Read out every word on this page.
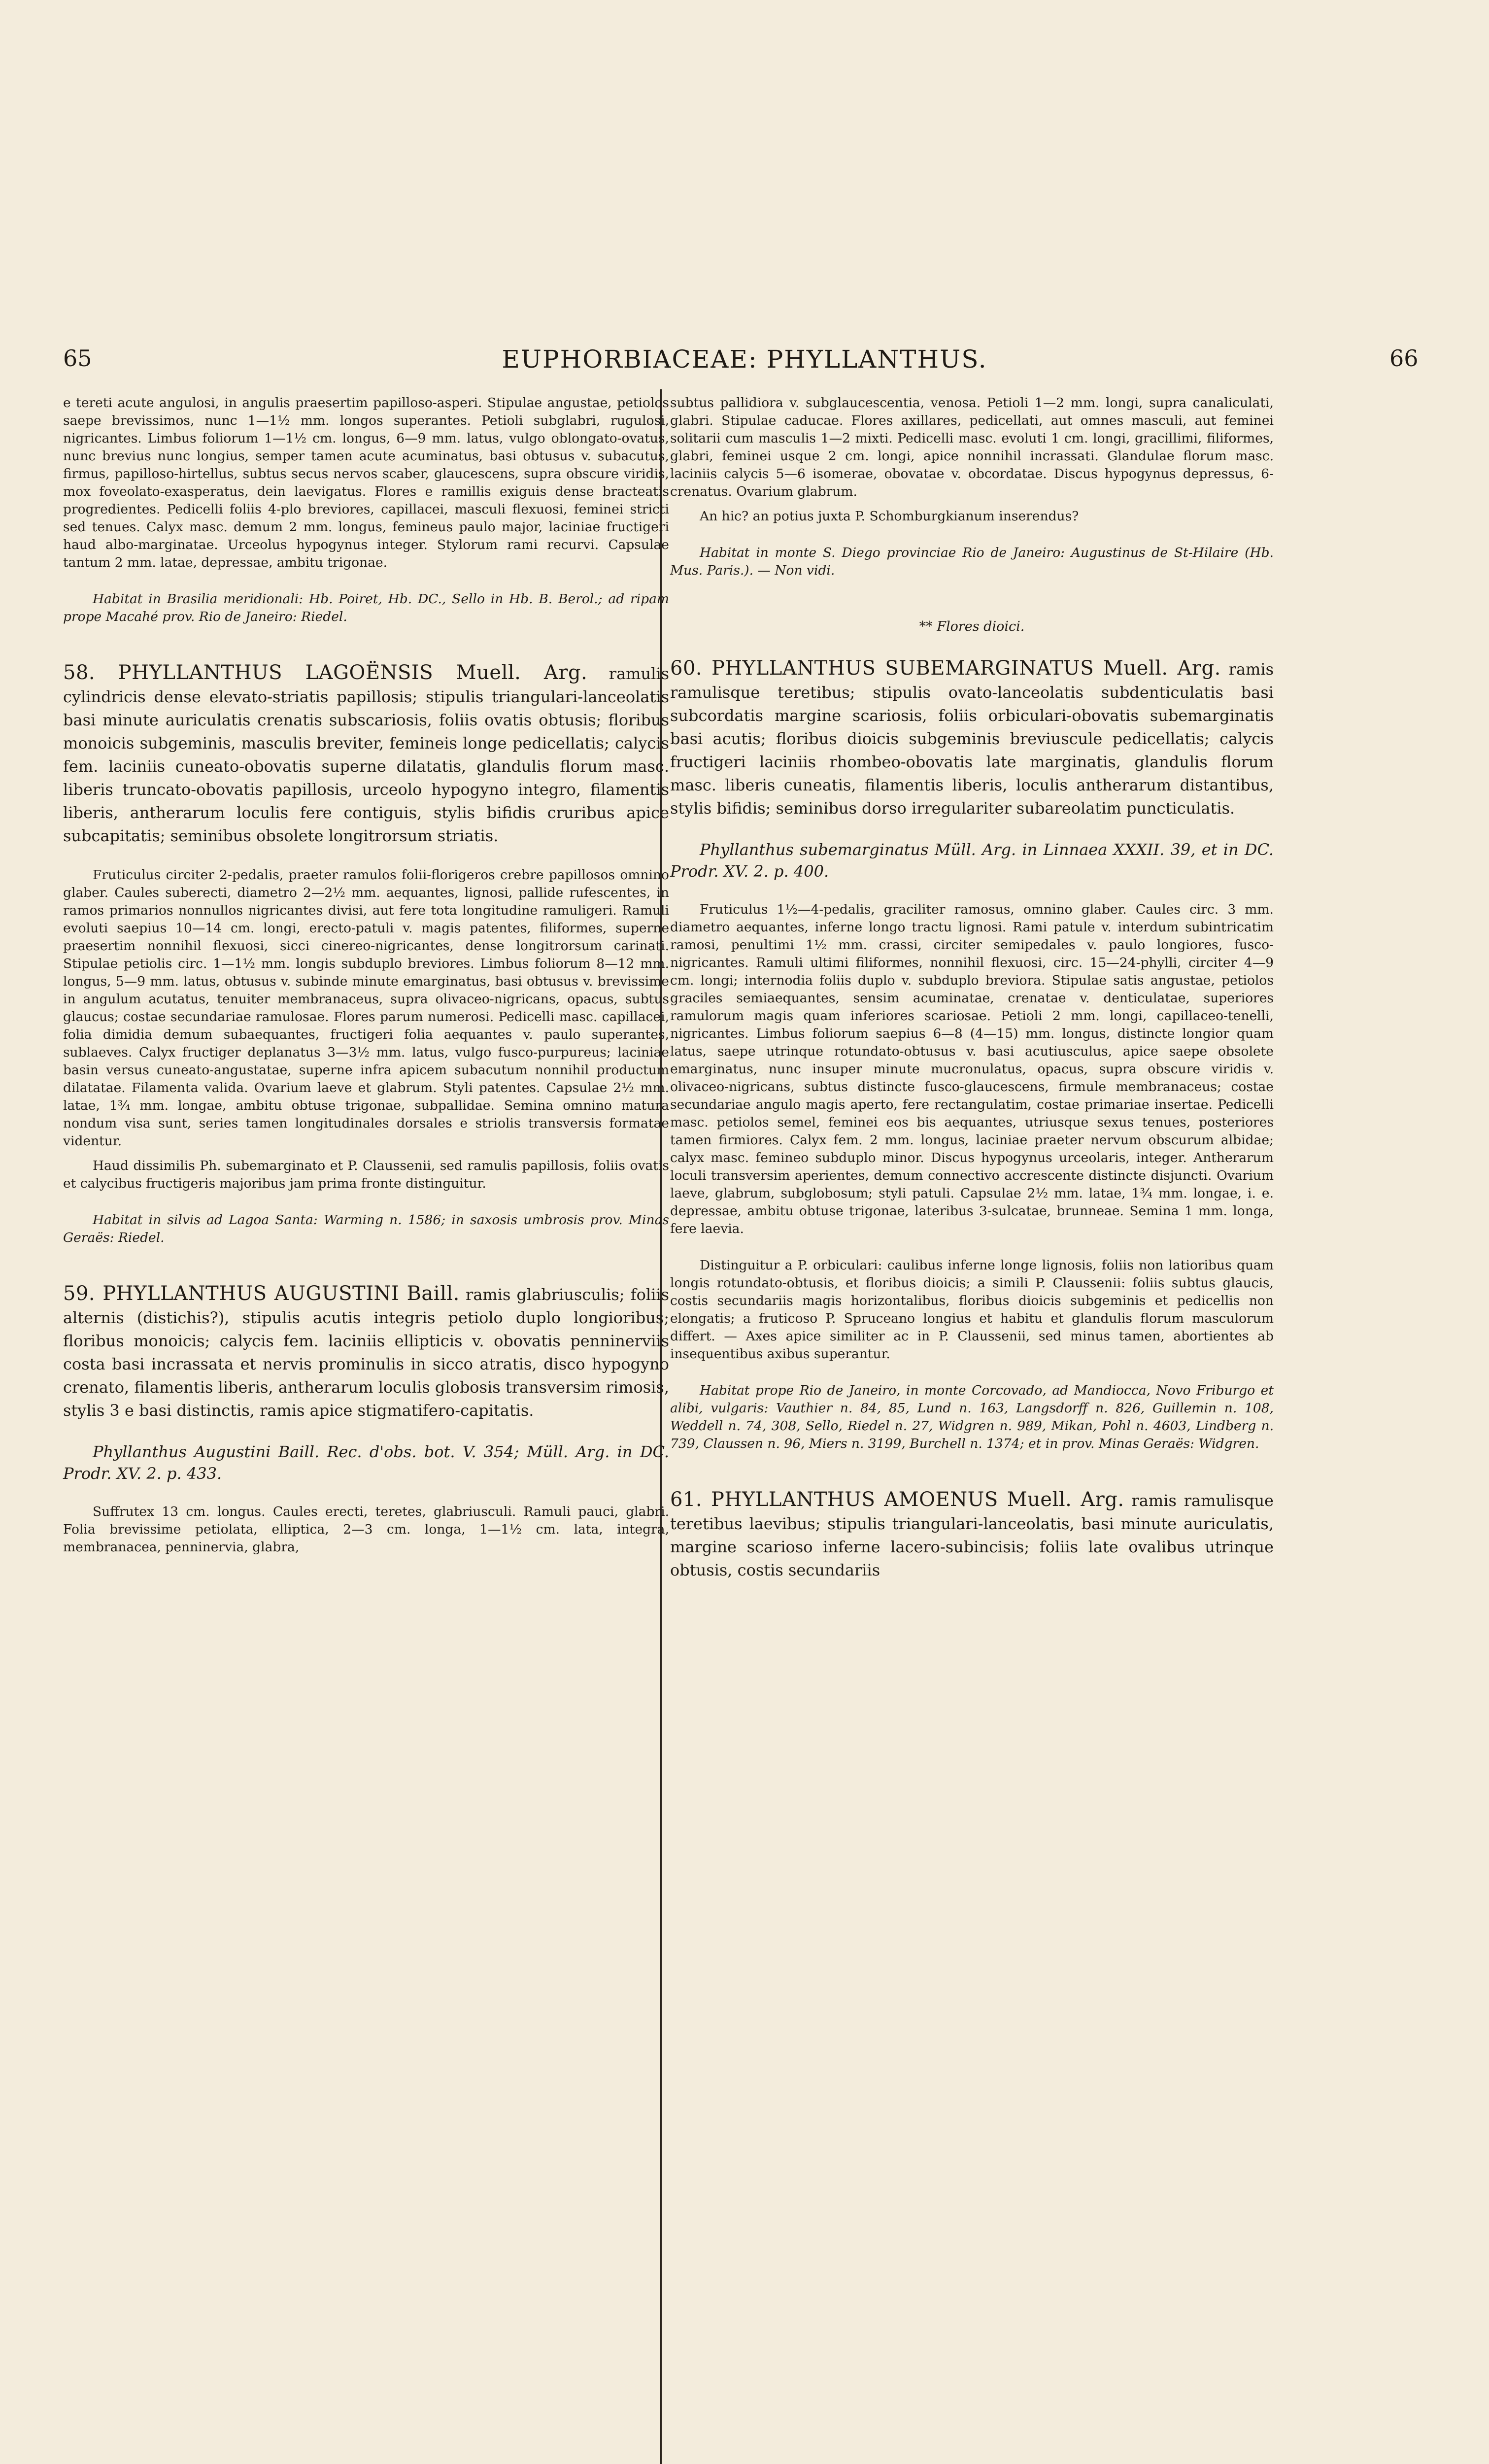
65	EUPHORBIACEAE: PHYLLANTHUS.	66

e tereti acute angulosi, in angulis praesertim papilloso-asperi. Stipulae angustae, petiolos saepe brevissimos, nunc 1—1½ mm. longos superantes. Petioli subglabri, rugulosi, nigricantes. Limbus foliorum 1—1½ cm. longus, 6—9 mm. latus, vulgo oblongato-ovatus, nunc brevius nunc longius, semper tamen acute acuminatus, basi obtusus v. subacutus, firmus, papilloso-hirtellus, subtus secus nervos scaber, glaucescens, supra obscure viridis, mox foveolato-exasperatus, dein laevigatus. Flores e ramillis exiguis dense bracteatis progredientes. Pedicelli foliis 4-plo breviores, capillacei, masculi flexuosi, feminei stricti sed tenues. Calyx masc. demum 2 mm. longus, femineus paulo major, laciniae fructigeri haud albo-marginatae. Urceolus hypogynus integer. Stylorum rami recurvi. Capsulae tantum 2 mm. latae, depressae, ambitu trigonae.

Habitat in Brasilia meridionali: Hb. Poiret, Hb. DC., Sello in Hb. B. Berol.; ad ripam prope Macahé prov. Rio de Janeiro: Riedel.

58. PHYLLANTHUS LAGOËNSIS Muell. Arg. ramulis cylindricis dense elevato-striatis papillosis; stipulis triangulari-lanceolatis basi minute auriculatis crenatis subscariosis, foliis ovatis obtusis; floribus monoicis subgeminis, masculis breviter, femineis longe pedicellatis; calycis fem. laciniis cuneato-obovatis superne dilatatis, glandulis florum masc. liberis truncato-obovatis papillosis, urceolo hypogyno integro, filamentis liberis, antherarum loculis fere contiguis, stylis bifidis cruribus apice subcapitatis; seminibus obsolete longitrorsum striatis.

Fruticulus circiter 2-pedalis, praeter ramulos folii-florigeros crebre papillosos omnino glaber. Caules suberecti, diametro 2—2½ mm. aequantes, lignosi, pallide rufescentes, in ramos primarios nonnullos nigricantes divisi, aut fere tota longitudine ramuligeri. Ramuli evoluti saepius 10—14 cm. longi, erecto-patuli v. magis patentes, filiformes, superne praesertim nonnihil flexuosi, sicci cinereo-nigricantes, dense longitrorsum carinati. Stipulae petiolis circ. 1—1½ mm. longis subduplo breviores. Limbus foliorum 8—12 mm. longus, 5—9 mm. latus, obtusus v. subinde minute emarginatus, basi obtusus v. brevissime in angulum acutatus, tenuiter membranaceus, supra olivaceo-nigricans, opacus, subtus glaucus; costae secundariae ramulosae. Flores parum numerosi. Pedicelli masc. capillacei, folia dimidia demum subaequantes, fructigeri folia aequantes v. paulo superantes, sublaeves. Calyx fructiger deplanatus 3—3½ mm. latus, vulgo fusco-purpureus; laciniae basin versus cuneato-angustatae, superne infra apicem subacutum nonnihil productum dilatatae. Filamenta valida. Ovarium laeve et glabrum. Styli patentes. Capsulae 2½ mm. latae, 1¾ mm. longae, ambitu obtuse trigonae, subpallidae. Semina omnino matura nondum visa sunt, series tamen longitudinales dorsales e striolis transversis formatae videntur.

Haud dissimilis Ph. subemarginato et P. Claussenii, sed ramulis papillosis, foliis ovatis et calycibus fructigeris majoribus jam prima fronte distinguitur.

Habitat in silvis ad Lagoa Santa: Warming n. 1586; in saxosis umbrosis prov. Minas Geraës: Riedel.

59. PHYLLANTHUS AUGUSTINI Baill. ramis glabriusculis; foliis alternis (distichis?), stipulis acutis integris petiolo duplo longioribus; floribus monoicis; calycis fem. laciniis ellipticis v. obovatis penninerviis costa basi incrassata et nervis prominulis in sicco atratis, disco hypogyno crenato, filamentis liberis, antherarum loculis globosis transversim rimosis, stylis 3 e basi distinctis, ramis apice stigmatifero-capitatis.

Phyllanthus Augustini Baill. Rec. d'obs. bot. V. 354; Müll. Arg. in DC. Prodr. XV. 2. p. 433.

Suffrutex 13 cm. longus. Caules erecti, teretes, glabriusculi. Ramuli pauci, glabri. Folia brevissime petiolata, elliptica, 2—3 cm. longa, 1—1½ cm. lata, integra, membranacea, penninervia, glabra,

subtus pallidiora v. subglaucescentia, venosa. Petioli 1—2 mm. longi, supra canaliculati, glabri. Stipulae caducae. Flores axillares, pedicellati, aut omnes masculi, aut feminei solitarii cum masculis 1—2 mixti. Pedicelli masc. evoluti 1 cm. longi, gracillimi, filiformes, glabri, feminei usque 2 cm. longi, apice nonnihil incrassati. Glandulae florum masc. laciniis calycis 5—6 isomerae, obovatae v. obcordatae. Discus hypogynus depressus, 6-crenatus. Ovarium glabrum.

An hic? an potius juxta P. Schomburgkianum inserendus?

Habitat in monte S. Diego provinciae Rio de Janeiro: Augustinus de St-Hilaire (Hb. Mus. Paris.). — Non vidi.

** Flores dioici.

60. PHYLLANTHUS SUBEMARGINATUS Muell. Arg. ramis ramulisque teretibus; stipulis ovato-lanceolatis subdenticulatis basi subcordatis margine scariosis, foliis orbiculari-obovatis subemarginatis basi acutis; floribus dioicis subgeminis breviuscule pedicellatis; calycis fructigeri laciniis rhombeo-obovatis late marginatis, glandulis florum masc. liberis cuneatis, filamentis liberis, loculis antherarum distantibus, stylis bifidis; seminibus dorso irregulariter subareolatim puncticulatis.

Phyllanthus subemarginatus Müll. Arg. in Linnaea XXXII. 39, et in DC. Prodr. XV. 2. p. 400.

Fruticulus 1½—4-pedalis, graciliter ramosus, omnino glaber. Caules circ. 3 mm. diametro aequantes, inferne longo tractu lignosi. Rami patule v. interdum subintricatim ramosi, penultimi 1½ mm. crassi, circiter semipedales v. paulo longiores, fusco-nigricantes. Ramuli ultimi filiformes, nonnihil flexuosi, circ. 15—24-phylli, circiter 4—9 cm. longi; internodia foliis duplo v. subduplo breviora. Stipulae satis angustae, petiolos graciles semiaequantes, sensim acuminatae, crenatae v. denticulatae, superiores ramulorum magis quam inferiores scariosae. Petioli 2 mm. longi, capillaceo-tenelli, nigricantes. Limbus foliorum saepius 6—8 (4—15) mm. longus, distincte longior quam latus, saepe utrinque rotundato-obtusus v. basi acutiusculus, apice saepe obsolete emarginatus, nunc insuper minute mucronulatus, opacus, supra obscure viridis v. olivaceo-nigricans, subtus distincte fusco-glaucescens, firmule membranaceus; costae secundariae angulo magis aperto, fere rectangulatim, costae primariae insertae. Pedicelli masc. petiolos semel, feminei eos bis aequantes, utriusque sexus tenues, posteriores tamen firmiores. Calyx fem. 2 mm. longus, laciniae praeter nervum obscurum albidae; calyx masc. femineo subduplo minor. Discus hypogynus urceolaris, integer. Antherarum loculi transversim aperientes, demum connectivo accrescente distincte disjuncti. Ovarium laeve, glabrum, subglobosum; styli patuli. Capsulae 2½ mm. latae, 1¾ mm. longae, i. e. depressae, ambitu obtuse trigonae, lateribus 3-sulcatae, brunneae. Semina 1 mm. longa, fere laevia.

Distinguitur a P. orbiculari: caulibus inferne longe lignosis, foliis non latioribus quam longis rotundato-obtusis, et floribus dioicis; a simili P. Claussenii: foliis subtus glaucis, costis secundariis magis horizontalibus, floribus dioicis subgeminis et pedicellis non elongatis; a fruticoso P. Spruceano longius et habitu et glandulis florum masculorum differt. — Axes apice similiter ac in P. Claussenii, sed minus tamen, abortientes ab insequentibus axibus superantur.

Habitat prope Rio de Janeiro, in monte Corcovado, ad Mandiocca, Novo Friburgo et alibi, vulgaris: Vauthier n. 84, 85, Lund n. 163, Langsdorff n. 826, Guillemin n. 108, Weddell n. 74, 308, Sello, Riedel n. 27, Widgren n. 989, Mikan, Pohl n. 4603, Lindberg n. 739, Claussen n. 96, Miers n. 3199, Burchell n. 1374; et in prov. Minas Geraës: Widgren.

61. PHYLLANTHUS AMOENUS Muell. Arg. ramis ramulisque teretibus laevibus; stipulis triangulari-lanceolatis, basi minute auriculatis, margine scarioso inferne lacero-subincisis; foliis late ovalibus utrinque obtusis, costis secundariis
